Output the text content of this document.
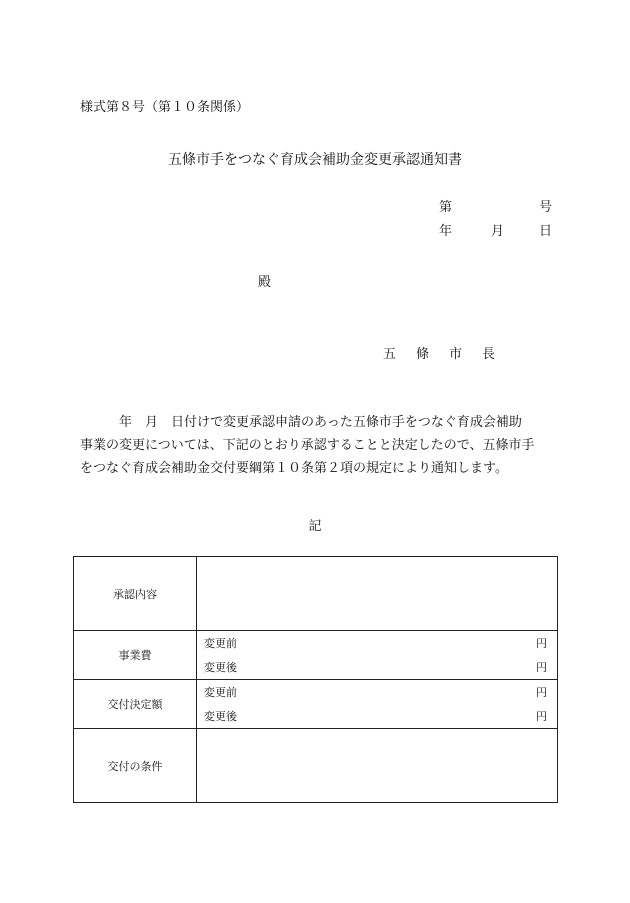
様式第８号（第１０条関係）
五條市手をつなぐ育成会補助金変更承認通知書
第	号
年	月	日
殿
五 條 市 長

年　月　日付けで変更承認申請のあった五條市手をつなぐ育成会補助

事業の変更については、下記のとおり承認することと決定したので、五條市手

をつなぐ育成会補助金交付要綱第１０条第２項の規定により通知します。

記
承認内容	
事業費	変更前 円
変更後 円

交付決定額	変更前 円
変更後 円

交付の条件	
